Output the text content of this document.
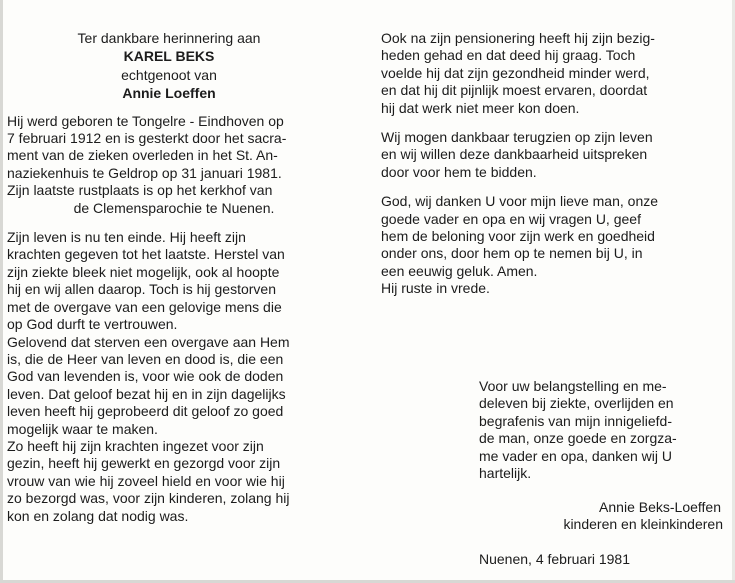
Ter dankbare herinnering aan

KAREL BEKS

echtgenoot van

Annie Loeffen

Hij werd geboren te Tongelre - Eindhoven op

7 februari 1912 en is gesterkt door het sacra-

ment van de zieken overleden in het St. An-

naziekenhuis te Geldrop op 31 januari 1981.

Zijn laatste rustplaats is op het kerkhof van

de Clemensparochie te Nuenen.

Zijn leven is nu ten einde. Hij heeft zijn

krachten gegeven tot het laatste. Herstel van

zijn ziekte bleek niet mogelijk, ook al hoopte

hij en wij allen daarop. Toch is hij gestorven

met de overgave van een gelovige mens die

op God durft te vertrouwen.

Gelovend dat sterven een overgave aan Hem

is, die de Heer van leven en dood is, die een

God van levenden is, voor wie ook de doden

leven. Dat geloof bezat hij en in zijn dagelijks

leven heeft hij geprobeerd dit geloof zo goed

mogelijk waar te maken.

Zo heeft hij zijn krachten ingezet voor zijn

gezin, heeft hij gewerkt en gezorgd voor zijn

vrouw van wie hij zoveel hield en voor wie hij

zo bezorgd was, voor zijn kinderen, zolang hij

kon en zolang dat nodig was.

Ook na zijn pensionering heeft hij zijn bezig-

heden gehad en dat deed hij graag. Toch

voelde hij dat zijn gezondheid minder werd,

en dat hij dit pijnlijk moest ervaren, doordat

hij dat werk niet meer kon doen.

Wij mogen dankbaar terugzien op zijn leven

en wij willen deze dankbaarheid uitspreken

door voor hem te bidden.

God, wij danken U voor mijn lieve man, onze

goede vader en opa en wij vragen U, geef

hem de beloning voor zijn werk en goedheid

onder ons, door hem op te nemen bij U, in

een eeuwig geluk. Amen.

Hij ruste in vrede.

Voor uw belangstelling en me-

deleven bij ziekte, overlijden en

begrafenis van mijn innigeliefd-

de man, onze goede en zorgza-

me vader en opa, danken wij U

hartelijk.

Annie Beks-Loeffen

kinderen en kleinkinderen

Nuenen, 4 februari 1981
